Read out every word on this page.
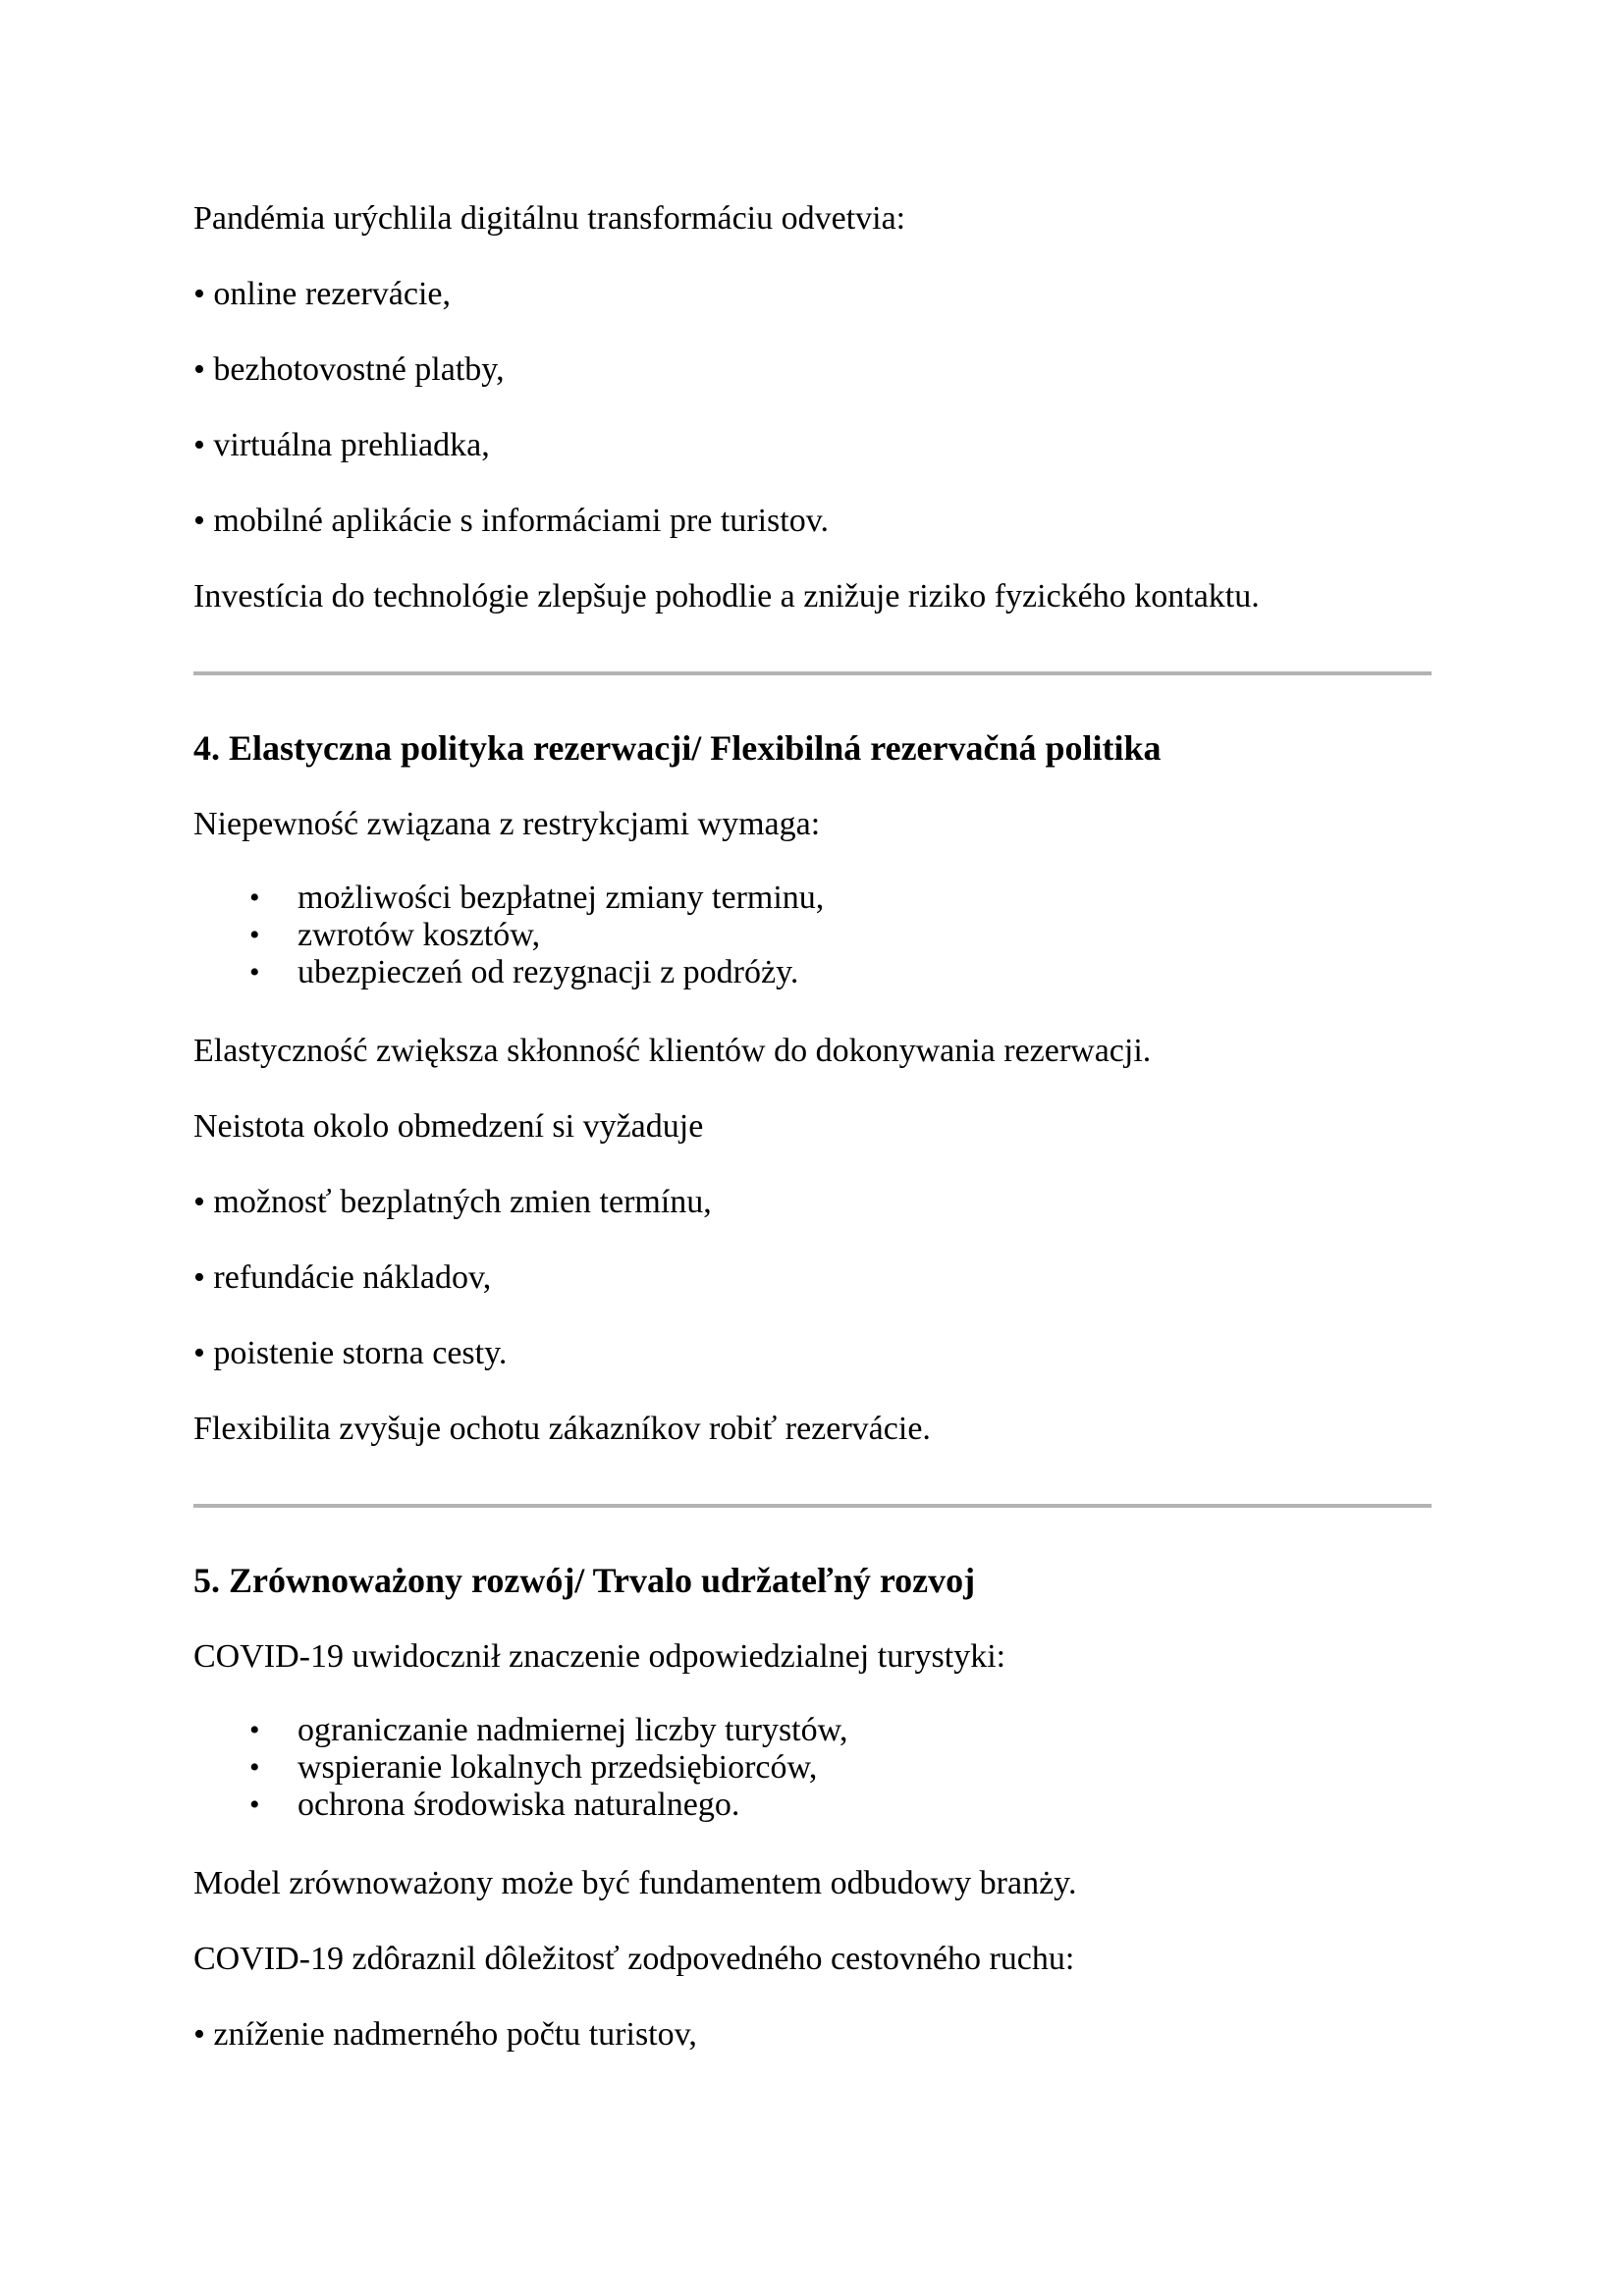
Pandémia urýchlila digitálnu transformáciu odvetvia:

• online rezervácie,

• bezhotovostné platby,

• virtuálna prehliadka,

• mobilné aplikácie s informáciami pre turistov.

Investícia do technológie zlepšuje pohodlie a znižuje riziko fyzického kontaktu.

4. Elastyczna polityka rezerwacji/ Flexibilná rezervačná politika

Niepewność związana z restrykcjami wymaga:

• możliwości bezpłatnej zmiany terminu,
• zwrotów kosztów,
• ubezpieczeń od rezygnacji z podróży.

Elastyczność zwiększa skłonność klientów do dokonywania rezerwacji.

Neistota okolo obmedzení si vyžaduje

• možnosť bezplatných zmien termínu,

• refundácie nákladov,

• poistenie storna cesty.

Flexibilita zvyšuje ochotu zákazníkov robiť rezervácie.

5. Zrównoważony rozwój/ Trvalo udržateľný rozvoj

COVID-19 uwidocznił znaczenie odpowiedzialnej turystyki:

• ograniczanie nadmiernej liczby turystów,
• wspieranie lokalnych przedsiębiorców,
• ochrona środowiska naturalnego.

Model zrównoważony może być fundamentem odbudowy branży.

COVID-19 zdôraznil dôležitosť zodpovedného cestovného ruchu:

• zníženie nadmerného počtu turistov,
